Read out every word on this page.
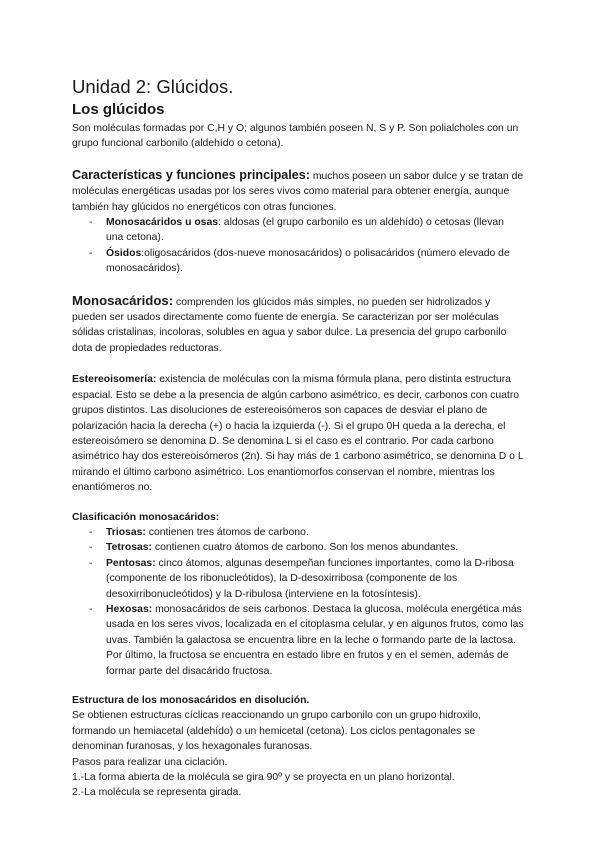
Unidad 2: Glúcidos.
Los glúcidos

Son moléculas formadas por C,H y O; algunos también poseen N, S y P. Son polialcholes con un grupo funcional carbonilo (aldehído o cetona).

Características y funciones principales: muchos poseen un sabor dulce y se tratan de moléculas energéticas usadas por los seres vivos como material para obtener energía, aunque también hay glúcidos no energéticos con otras funciones.

- Monosacáridos u osas: aldosas (el grupo carbonilo es un aldehído) o cetosas (llevan una cetona).
- Ósidos:oligosacáridos (dos-nueve monosacáridos) o polisacáridos (número elevado de monosacáridos).

Monosacáridos: comprenden los glúcidos más simples, no pueden ser hidrolizados y pueden ser usados directamente como fuente de energía. Se caracterizan por ser moléculas sólidas cristalinas, incoloras, solubles en agua y sabor dulce. La presencia del grupo carbonilo dota de propiedades reductoras.

Estereoisomería: existencia de moléculas con la misma fórmula plana, pero distinta estructura espacial. Esto se debe a la presencia de algún carbono asimétrico, es decir, carbonos con cuatro grupos distintos. Las disoluciones de estereoisómeros son capaces de desviar el plano de polarización hacia la derecha (+) o hacia la izquierda (-). Si el grupo 0H queda a la derecha, el estereoisómero se denomina D. Se denomina L si el caso es el contrario. Por cada carbono asimétrico hay dos estereoisómeros (2n). Si hay más de 1 carbono asimétrico, se denomina D o L mirando el último carbono asimétrico. Los enantiomorfos conservan el nombre, mientras los enantiómeros no.

Clasificación monosacáridos:

- Triosas: contienen tres átomos de carbono.
- Tetrosas: contienen cuatro átomos de carbono. Son los menos abundantes.
- Pentosas: cinco átomos, algunas desempeñan funciones importantes, como la D-ribosa (componente de los ribonucleótidos), la D-desoxirribosa (componente de los desoxirribonucleótidos) y la D-ribulosa (interviene en la fotosíntesis).
- Hexosas: monosacáridos de seis carbonos. Destaca la glucosa, molécula energética más usada en los seres vivos, localizada en el citoplasma celular, y en algunos frutos, como las uvas. También la galactosa se encuentra libre en la leche o formando parte de la lactosa. Por último, la fructosa se encuentra en estado libre en frutos y en el semen, además de formar parte del disacárido fructosa.

Estructura de los monosacáridos en disolución.

Se obtienen estructuras cíclicas reaccionando un grupo carbonilo con un grupo hidroxilo, formando un hemiacetal (aldehído) o un hemicetal (cetona). Los ciclos pentagonales se denominan furanosas, y los hexagonales furanosas.

Pasos para realizar una ciclación.

1.-La forma abierta de la molécula se gira 90º y se proyecta en un plano horizontal.

2.-La molécula se representa girada.
